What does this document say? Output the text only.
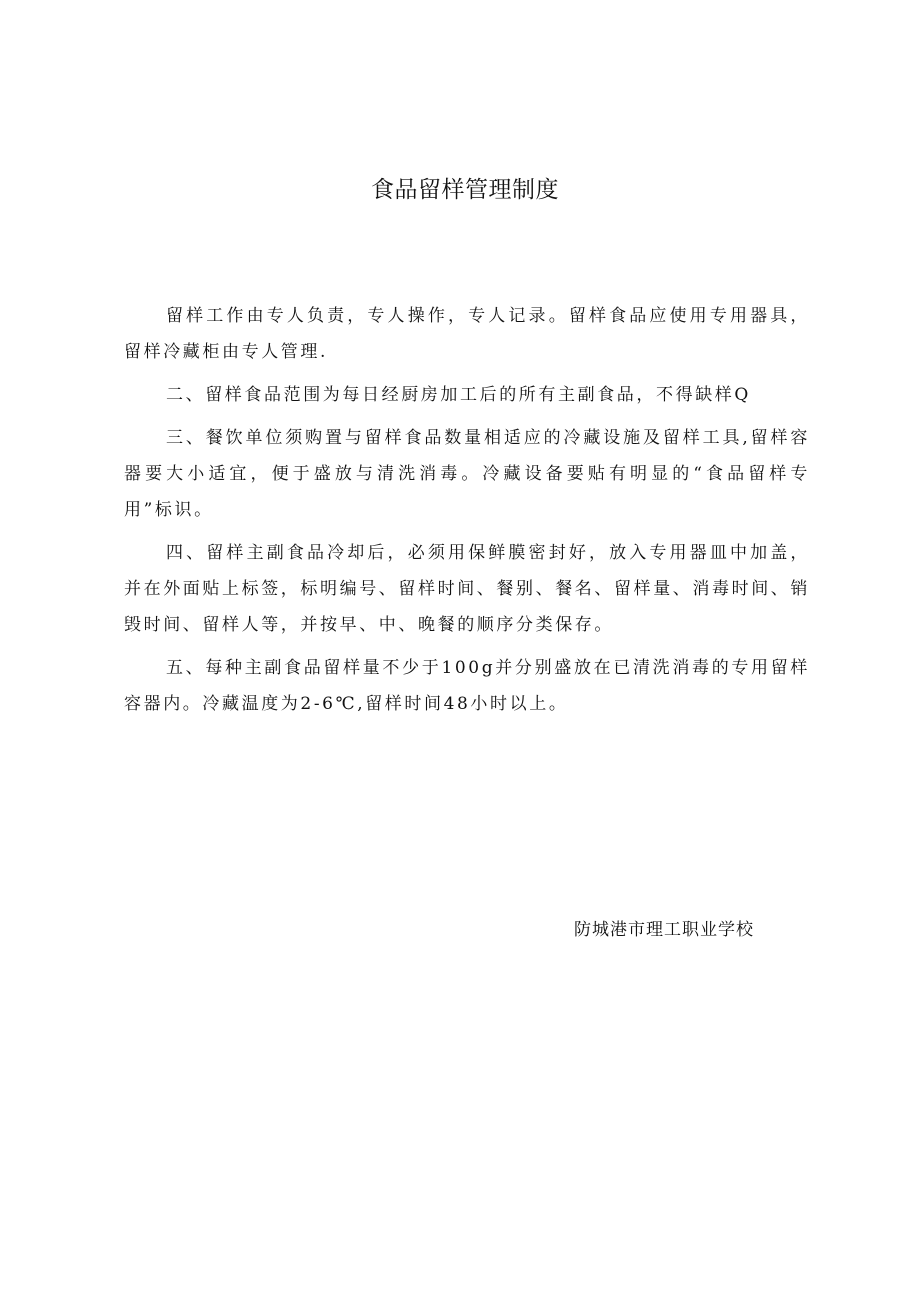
食品留样管理制度

留样工作由专人负责，专人操作，专人记录。留样食品应使用专用器具，留样冷藏柜由专人管理.

二、留样食品范围为每日经厨房加工后的所有主副食品，不得缺样Q

三、餐饮单位须购置与留样食品数量相适应的冷藏设施及留样工具,留样容器要大小适宜，便于盛放与清洗消毒。冷藏设备要贴有明显的“食品留样专用”标识。

四、留样主副食品冷却后，必须用保鲜膜密封好，放入专用器皿中加盖，并在外面贴上标签，标明编号、留样时间、餐别、餐名、留样量、消毒时间、销毁时间、留样人等，并按早、中、晚餐的顺序分类保存。

五、每种主副食品留样量不少于100g并分别盛放在已清洗消毒的专用留样容器内。冷藏温度为2-6℃,留样时间48小时以上。

防城港市理工职业学校
